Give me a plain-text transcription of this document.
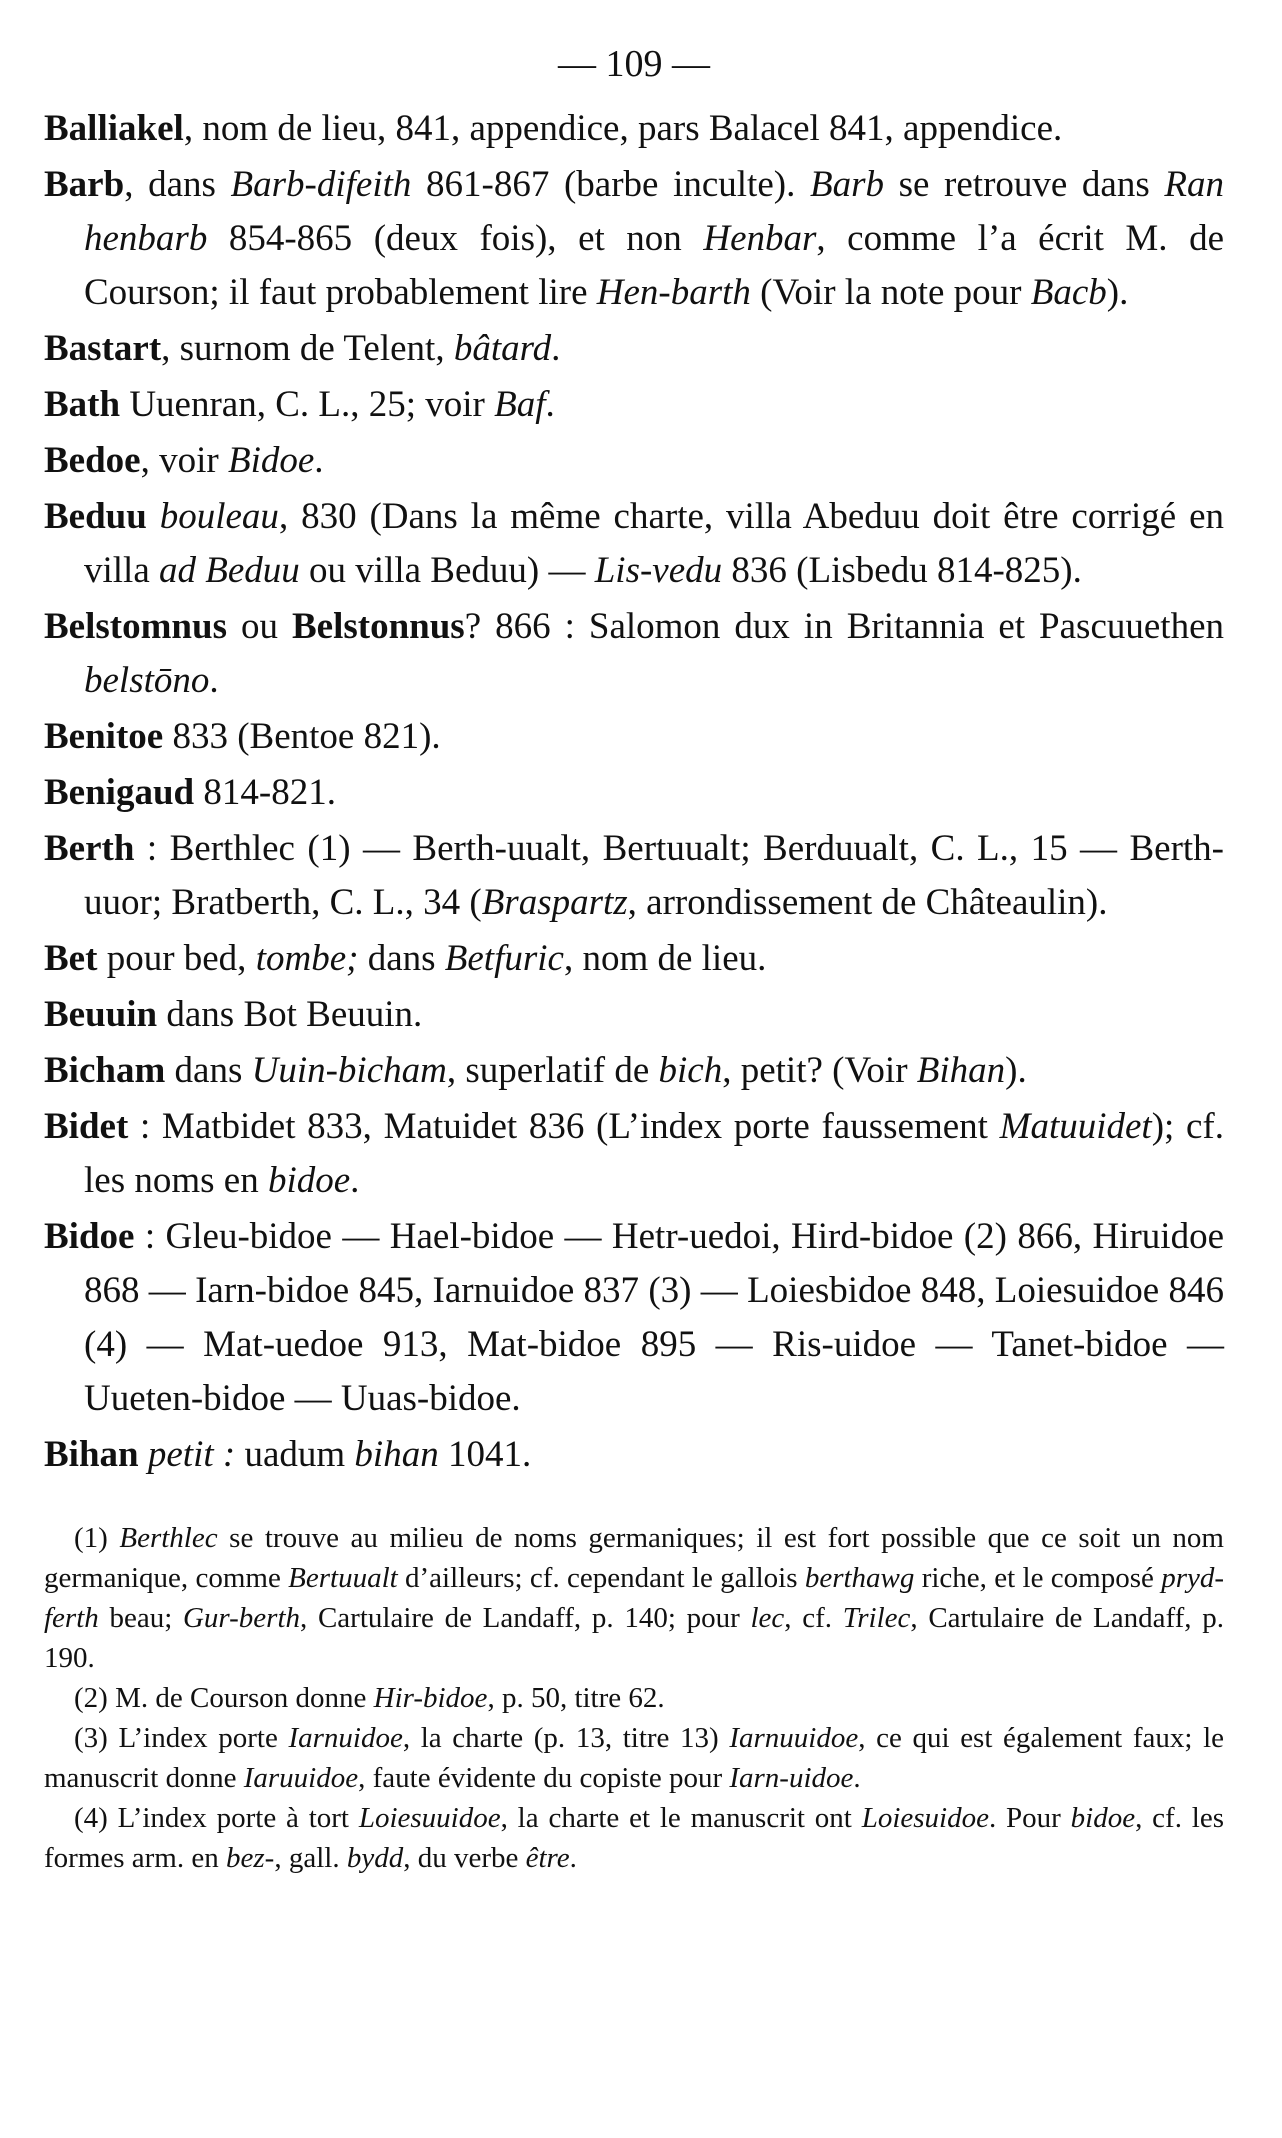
— 109 —

Balliakel, nom de lieu, 841, appendice, pars Balacel 841, appendice.

Barb, dans Barb-difeith 861-867 (barbe inculte). Barb se retrouve dans Ran henbarb 854-865 (deux fois), et non Henbar, comme l’a écrit M. de Courson; il faut probablement lire Hen-barth (Voir la note pour Bacb).

Bastart, surnom de Telent, bâtard.

Bath Uuenran, C. L., 25; voir Baf.

Bedoe, voir Bidoe.

Beduu bouleau, 830 (Dans la même charte, villa Abeduu doit être corrigé en villa ad Beduu ou villa Beduu) — Lis-vedu 836 (Lisbedu 814-825).

Belstomnus ou Belstonnus? 866 : Salomon dux in Britannia et Pascuuethen belstōno.

Benitoe 833 (Bentoe 821).

Benigaud 814-821.

Berth : Berthlec (1) — Berth-uualt, Bertuualt; Berduualt, C. L., 15 — Berth-uuor; Bratberth, C. L., 34 (Braspartz, arrondissement de Châteaulin).

Bet pour bed, tombe; dans Betfuric, nom de lieu.

Beuuin dans Bot Beuuin.

Bicham dans Uuin-bicham, superlatif de bich, petit? (Voir Bihan).

Bidet : Matbidet 833, Matuidet 836 (L’index porte faussement Matuuidet); cf. les noms en bidoe.

Bidoe : Gleu-bidoe — Hael-bidoe — Hetr-uedoi, Hird-bidoe (2) 866, Hiruidoe 868 — Iarn-bidoe 845, Iarnuidoe 837 (3) — Loiesbidoe 848, Loiesuidoe 846 (4) — Mat-uedoe 913, Mat-bidoe 895 — Ris-uidoe — Tanet-bidoe — Uueten-bidoe — Uuas-bidoe.

Bihan petit : uadum bihan 1041.

(1) Berthlec se trouve au milieu de noms germaniques; il est fort possible que ce soit un nom germanique, comme Bertuualt d’ailleurs; cf. cependant le gallois berthawg riche, et le composé pryd-ferth beau; Gur-berth, Cartulaire de Landaff, p. 140; pour lec, cf. Trilec, Cartulaire de Landaff, p. 190.

(2) M. de Courson donne Hir-bidoe, p. 50, titre 62.

(3) L’index porte Iarnuidoe, la charte (p. 13, titre 13) Iarnuuidoe, ce qui est également faux; le manuscrit donne Iaruuidoe, faute évidente du copiste pour Iarn-uidoe.

(4) L’index porte à tort Loiesuuidoe, la charte et le manuscrit ont Loiesuidoe. Pour bidoe, cf. les formes arm. en bez-, gall. bydd, du verbe être.
